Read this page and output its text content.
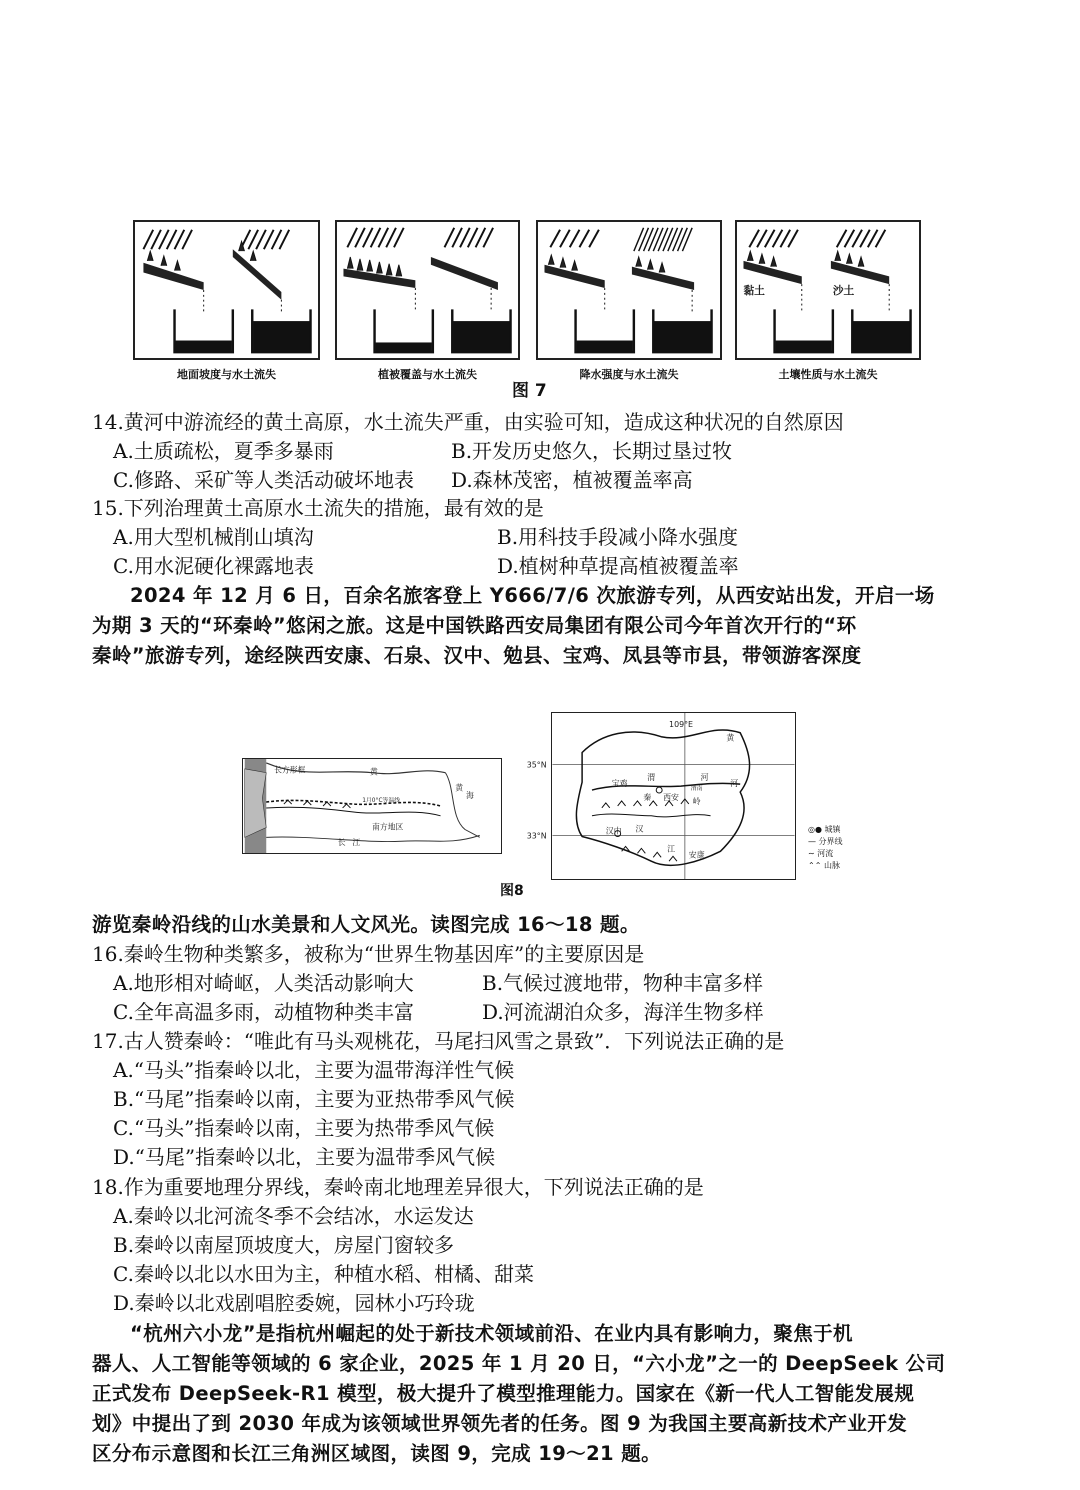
黏土	沙土
地面坡度与水土流失	植被覆盖与水土流失	降水强度与水土流失	土壤性质与水土流失
图 7
14.黄河中游流经的黄土高原，水土流失严重，由实验可知，造成这种状况的自然原因
A.土质疏松，夏季多暴雨	B.开发历史悠久，长期过垦过牧
C.修路、采矿等人类活动破坏地表 D.森林茂密，植被覆盖率高
15.下列治理黄土高原水土流失的措施，最有效的是
A.用大型机械削山填沟	B.用科技手段减小降水强度
C.用水泥硬化裸露地表	D.植树种草提高植被覆盖率
2024 年 12 月 6 日，百余名旅客登上 Y666/7/6 次旅游专列，从西安站出发，开启一场
为期 3 天的“环秦岭”悠闲之旅。这是中国铁路西安局集团有限公司今年首次开行的“环
秦岭”旅游专列，途经陕西安康、石泉、汉中、勉县、宝鸡、凤县等市县，带领游客深度
长方形框	黄
1月0°C等温线
黄
海
南方地区
长 江
109°E
35°N
33°N
宝鸡
渭	河
西安
渭南
秦	岭
汉中 汉
江
安康
黄
河
◎● 城镇
— 分界线
∼ 河流
⌃⌃ 山脉
图8
游览秦岭沿线的山水美景和人文风光。读图完成 16～18 题。
16.秦岭生物种类繁多，被称为“世界生物基因库”的主要原因是
A.地形相对崎岖，人类活动影响大	B.气候过渡地带，物种丰富多样
C.全年高温多雨，动植物种类丰富	D.河流湖泊众多，海洋生物多样
17.古人赞秦岭：“唯此有马头观桃花，马尾扫风雪之景致”．下列说法正确的是
A.“马头”指秦岭以北，主要为温带海洋性气候
B.“马尾”指秦岭以南，主要为亚热带季风气候
C.“马头”指秦岭以南，主要为热带季风气候
D.“马尾”指秦岭以北，主要为温带季风气候
18.作为重要地理分界线，秦岭南北地理差异很大，下列说法正确的是
A.秦岭以北河流冬季不会结冰，水运发达
B.秦岭以南屋顶坡度大，房屋门窗较多
C.秦岭以北以水田为主，种植水稻、柑橘、甜菜
D.秦岭以北戏剧唱腔委婉，园林小巧玲珑
“杭州六小龙”是指杭州崛起的处于新技术领域前沿、在业内具有影响力，聚焦于机
器人、人工智能等领域的 6 家企业，2025 年 1 月 20 日，“六小龙”之一的 DeepSeek 公司
正式发布 DeepSeek-R1 模型，极大提升了模型推理能力。国家在《新一代人工智能发展规
划》中提出了到 2030 年成为该领域世界领先者的任务。图 9 为我国主要高新技术产业开发
区分布示意图和长江三角洲区域图，读图 9，完成 19～21 题。
